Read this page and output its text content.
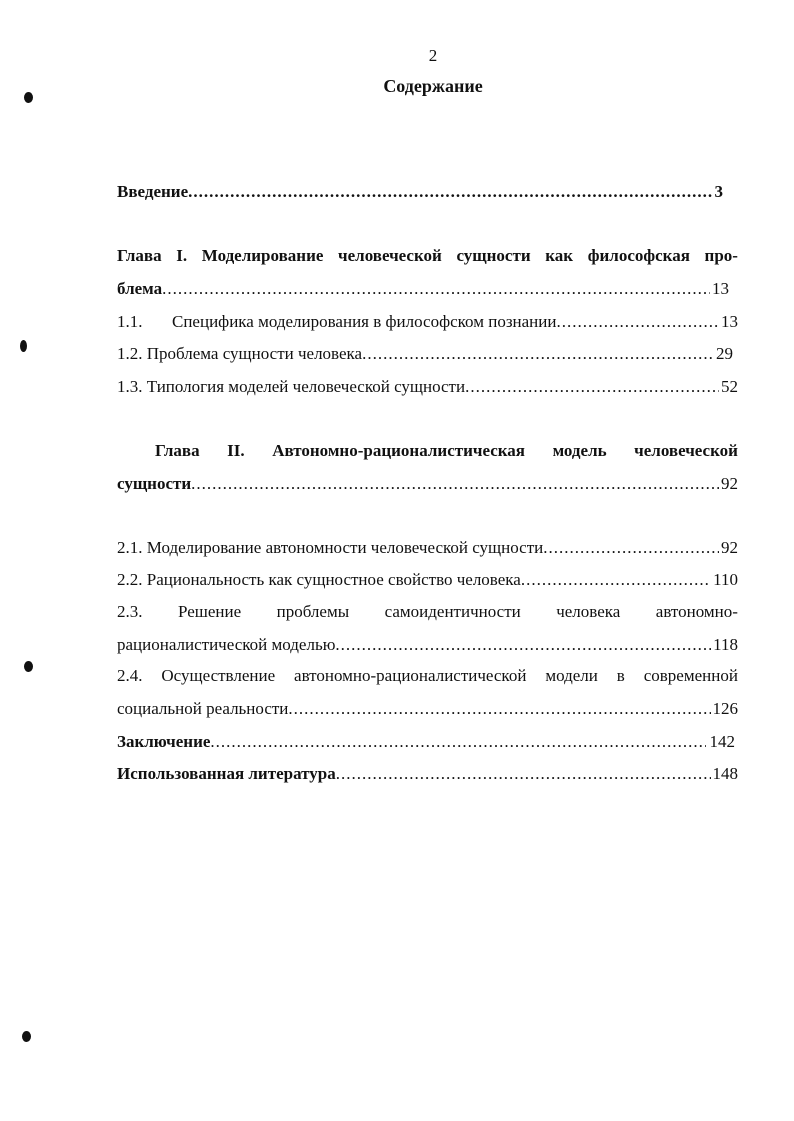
2
Содержание
Введение .....	3
Глава I. Моделирование человеческой сущности как философская про-
блема .....	13
1.1.	Специфика моделирования в философском познании .....	13
1.2. Проблема сущности человека .....	29
1.3. Типология моделей человеческой сущности .....	52
Глава II. Автономно-рационалистическая модель человеческой
сущности .....	92
2.1. Моделирование автономности человеческой сущности .....	92
2.2. Рациональность как сущностное свойство человека .....	110
2.3. Решение проблемы самоидентичности человека автономно-
рационалистической моделью .....	118
2.4. Осуществление автономно-рационалистической модели в современной
социальной реальности .....	126
Заключение .....	142
Использованная литература .....	148
